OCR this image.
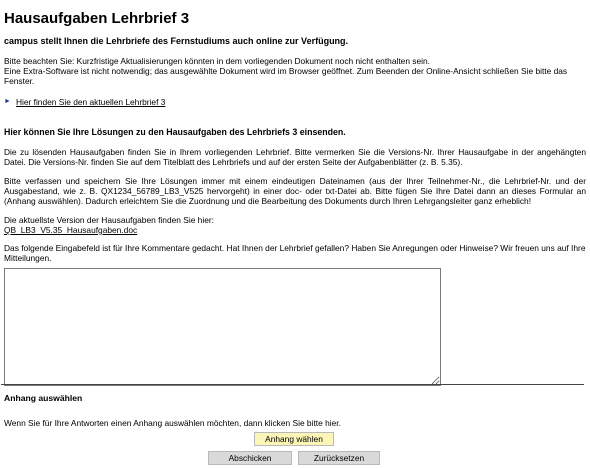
Hausaufgaben Lehrbrief 3
campus stellt Ihnen die Lehrbriefe des Fernstudiums auch online zur Verfügung.

Bitte beachten Sie: Kurzfristige Aktualisierungen könnten in dem vorliegenden Dokument noch nicht enthalten sein.
Eine Extra-Software ist nicht notwendig; das ausgewählte Dokument wird im Browser geöffnet. Zum Beenden der Online-Ansicht schließen Sie bitte das Fenster.

► Hier finden Sie den aktuellen Lehrbrief 3
Hier können Sie Ihre Lösungen zu den Hausaufgaben des Lehrbriefs 3 einsenden.

Die zu lösenden Hausaufgaben finden Sie in Ihrem vorliegenden Lehrbrief. Bitte vermerken Sie die Versions-Nr. Ihrer Hausaufgabe in der angehängten Datei. Die Versions-Nr. finden Sie auf dem Titelblatt des Lehrbriefs und auf der ersten Seite der Aufgabenblätter (z. B. 5.35).

Bitte verfassen und speichern Sie Ihre Lösungen immer mit einem eindeutigen Dateinamen (aus der Ihrer Teilnehmer-Nr., die Lehrbrief-Nr. und der Ausgabestand, wie z. B. QX1234_56789_LB3_V525 hervorgeht) in einer doc- oder txt-Datei ab. Bitte fügen Sie Ihre Datei dann an dieses Formular an (Anhang auswählen). Dadurch erleichtern Sie die Zuordnung und die Bearbeitung des Dokuments durch Ihren Lehrgangsleiter ganz erheblich!

Die aktuellste Version der Hausaufgaben finden Sie hier:
QB_LB3_V5.35_Hausaufgaben.doc

Das folgende Eingabefeld ist für Ihre Kommentare gedacht. Hat Ihnen der Lehrbrief gefallen? Haben Sie Anregungen oder Hinweise? Wir freuen uns auf Ihre Mitteilungen.

Anhang auswählen
Wenn Sie für Ihre Antworten einen Anhang auswählen möchten, dann klicken Sie bitte hier.
Anhang wählen
Abschicken	Zurücksetzen
